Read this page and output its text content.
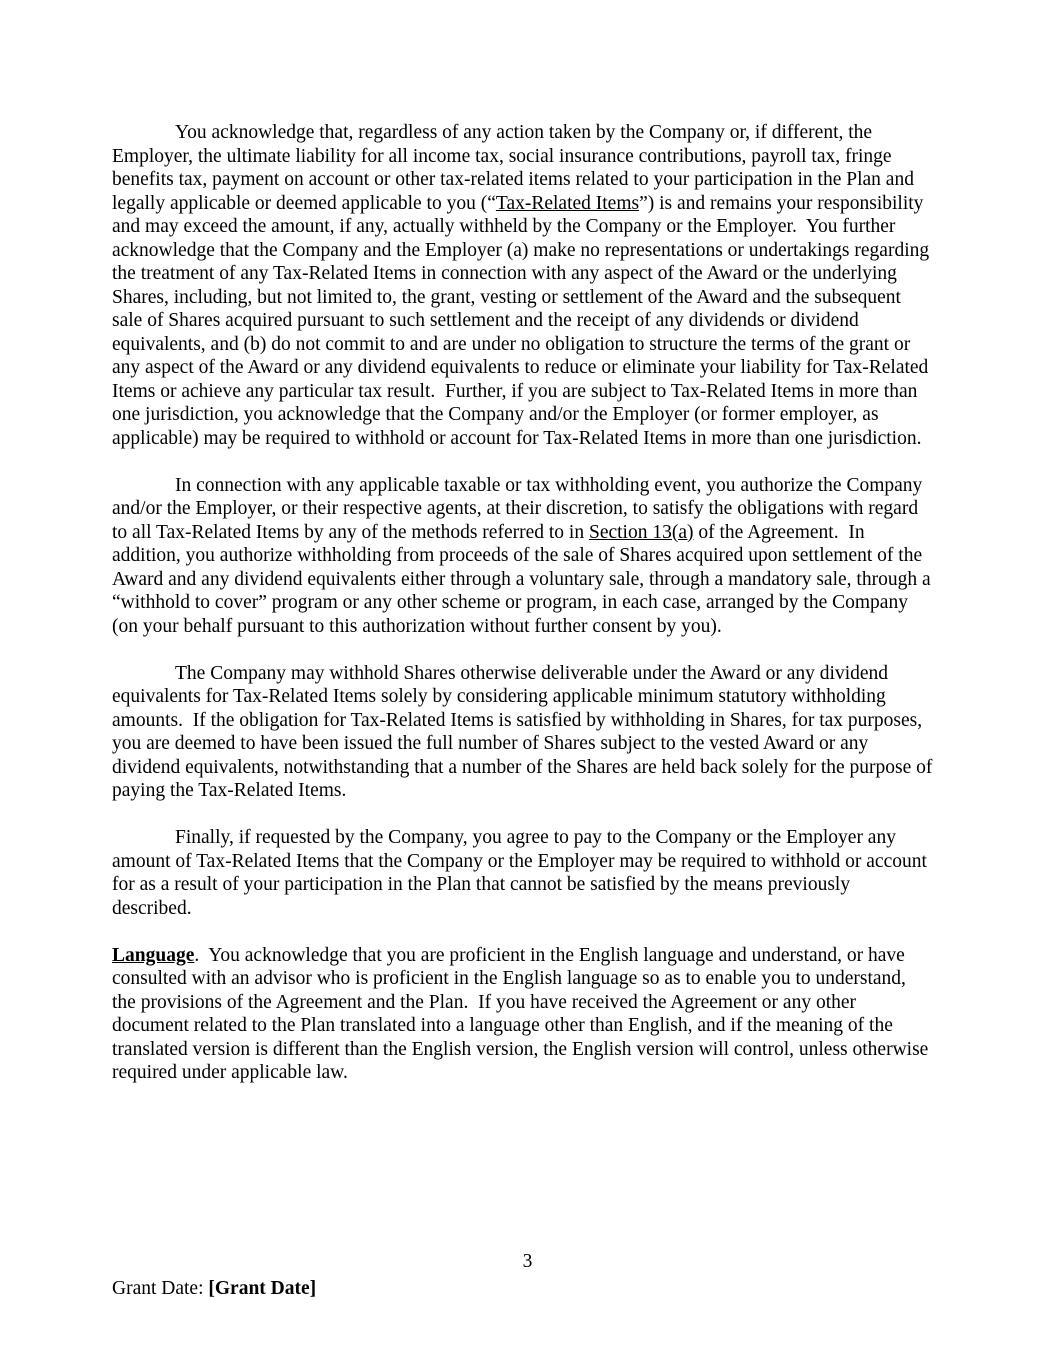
You acknowledge that, regardless of any action taken by the Company or, if different, the Employer, the ultimate liability for all income tax, social insurance contributions, payroll tax, fringe benefits tax, payment on account or other tax-related items related to your participation in the Plan and legally applicable or deemed applicable to you (“Tax-Related Items”) is and remains your responsibility and may exceed the amount, if any, actually withheld by the Company or the Employer.  You further acknowledge that the Company and the Employer (a) make no representations or undertakings regarding the treatment of any Tax-Related Items in connection with any aspect of the Award or the underlying Shares, including, but not limited to, the grant, vesting or settlement of the Award and the subsequent sale of Shares acquired pursuant to such settlement and the receipt of any dividends or dividend equivalents, and (b) do not commit to and are under no obligation to structure the terms of the grant or any aspect of the Award or any dividend equivalents to reduce or eliminate your liability for Tax-Related Items or achieve any particular tax result.  Further, if you are subject to Tax-Related Items in more than one jurisdiction, you acknowledge that the Company and/or the Employer (or former employer, as applicable) may be required to withhold or account for Tax-Related Items in more than one jurisdiction.

In connection with any applicable taxable or tax withholding event, you authorize the Company and/or the Employer, or their respective agents, at their discretion, to satisfy the obligations with regard to all Tax-Related Items by any of the methods referred to in Section 13(a) of the Agreement.  In addition, you authorize withholding from proceeds of the sale of Shares acquired upon settlement of the Award and any dividend equivalents either through a voluntary sale, through a mandatory sale, through a “withhold to cover” program or any other scheme or program, in each case, arranged by the Company (on your behalf pursuant to this authorization without further consent by you).

The Company may withhold Shares otherwise deliverable under the Award or any dividend equivalents for Tax-Related Items solely by considering applicable minimum statutory withholding amounts.  If the obligation for Tax-Related Items is satisfied by withholding in Shares, for tax purposes, you are deemed to have been issued the full number of Shares subject to the vested Award or any dividend equivalents, notwithstanding that a number of the Shares are held back solely for the purpose of paying the Tax-Related Items.

Finally, if requested by the Company, you agree to pay to the Company or the Employer any amount of Tax-Related Items that the Company or the Employer may be required to withhold or account for as a result of your participation in the Plan that cannot be satisfied by the means previously described.

Language.  You acknowledge that you are proficient in the English language and understand, or have consulted with an advisor who is proficient in the English language so as to enable you to understand, the provisions of the Agreement and the Plan.  If you have received the Agreement or any other document related to the Plan translated into a language other than English, and if the meaning of the translated version is different than the English version, the English version will control, unless otherwise required under applicable law.

3
Grant Date: [Grant Date]
